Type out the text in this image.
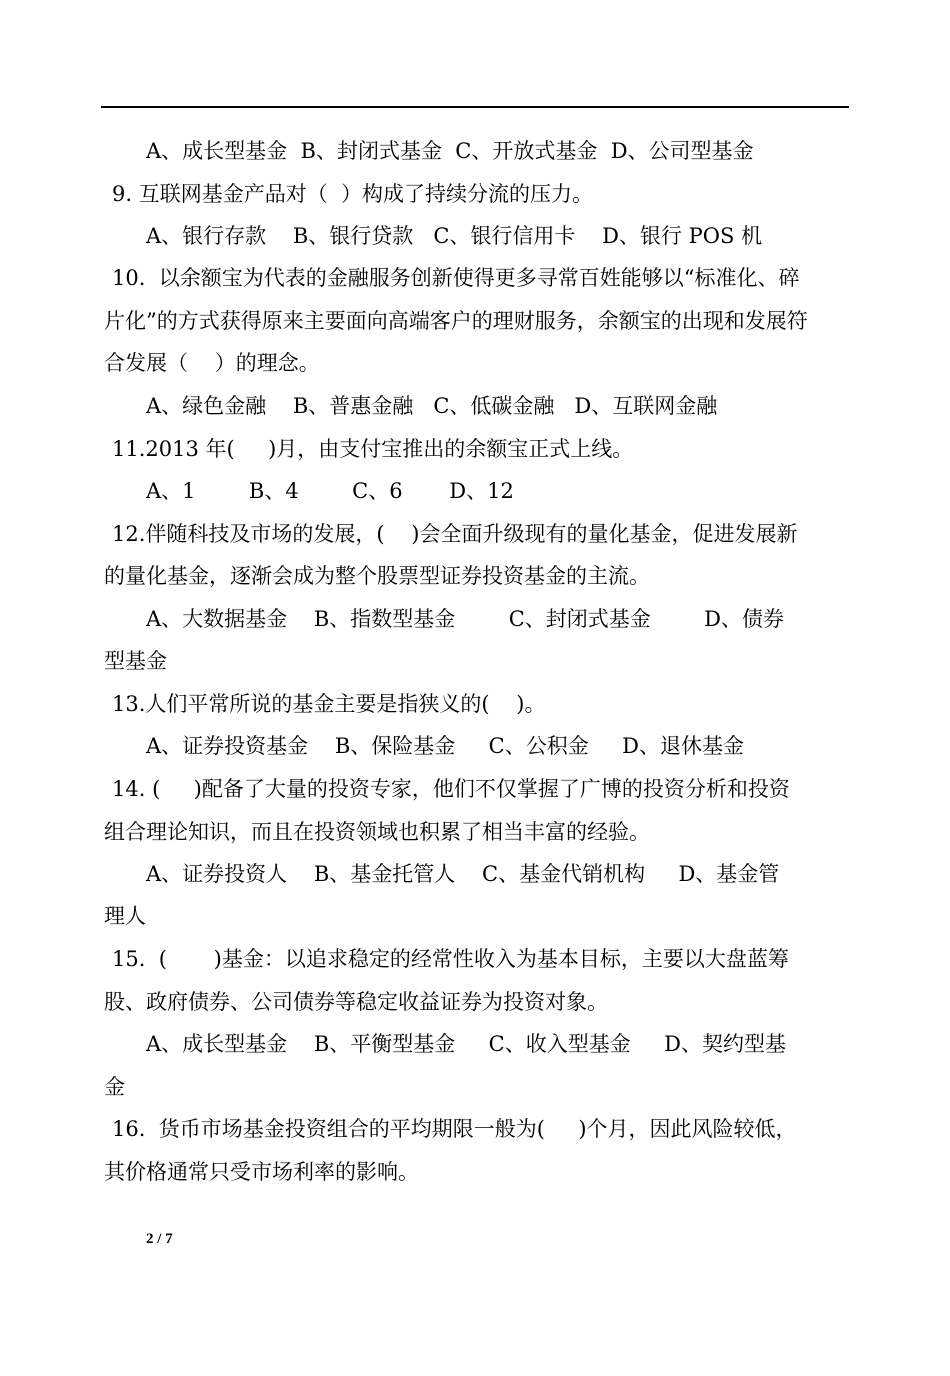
A、成长型基金  B、封闭式基金  C、开放式基金  D、公司型基金
9. 互联网基金产品对（  ）构成了持续分流的压力。
A、银行存款    B、银行贷款   C、银行信用卡    D、银行 POS 机
10.  以余额宝为代表的金融服务创新使得更多寻常百姓能够以“标准化、碎
片化”的方式获得原来主要面向高端客户的理财服务，余额宝的出现和发展符
合发展（    ）的理念。
A、绿色金融    B、普惠金融   C、低碳金融   D、互联网金融
11.2013 年(     )月，由支付宝推出的余额宝正式上线。
A、1        B、4        C、6       D、12
12.伴随科技及市场的发展，(    )会全面升级现有的量化基金，促进发展新
的量化基金，逐渐会成为整个股票型证券投资基金的主流。
A、大数据基金    B、指数型基金        C、封闭式基金        D、债券
型基金
13.人们平常所说的基金主要是指狭义的(    )。
A、证券投资基金    B、保险基金     C、公积金     D、退休基金
14. (     )配备了大量的投资专家，他们不仅掌握了广博的投资分析和投资
组合理论知识，而且在投资领域也积累了相当丰富的经验。
A、证券投资人    B、基金托管人    C、基金代销机构     D、基金管
理人
15.  (       )基金：以追求稳定的经常性收入为基本目标，主要以大盘蓝筹
股、政府债券、公司债券等稳定收益证券为投资对象。
A、成长型基金    B、平衡型基金     C、收入型基金     D、契约型基
金
16.  货币市场基金投资组合的平均期限一般为(     )个月，因此风险较低，
其价格通常只受市场利率的影响。
2 / 7
